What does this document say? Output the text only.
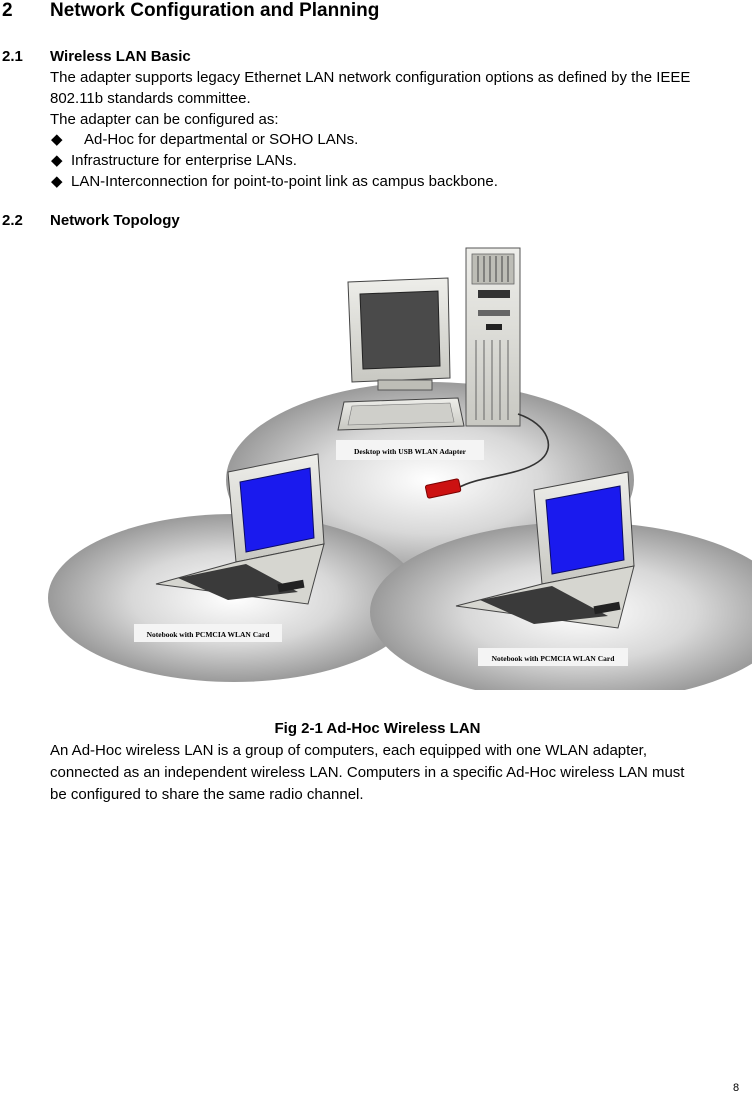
2 Network Configuration and Planning
2.1 Wireless LAN Basic
The adapter supports legacy Ethernet LAN network configuration options as defined by the IEEE
802.11b standards committee.
The adapter can be configured as:
◆ Ad-Hoc for departmental or SOHO LANs.
◆ Infrastructure for enterprise LANs.
◆ LAN-Interconnection for point-to-point link as campus backbone.
2.2 Network Topology
Desktop with USB WLAN Adapter
Notebook with PCMCIA WLAN Card
Notebook with PCMCIA WLAN Card
Fig 2-1 Ad-Hoc Wireless LAN
An Ad-Hoc wireless LAN is a group of computers, each equipped with one WLAN adapter,
connected as an independent wireless LAN. Computers in a specific Ad-Hoc wireless LAN must
be configured to share the same radio channel.
8
